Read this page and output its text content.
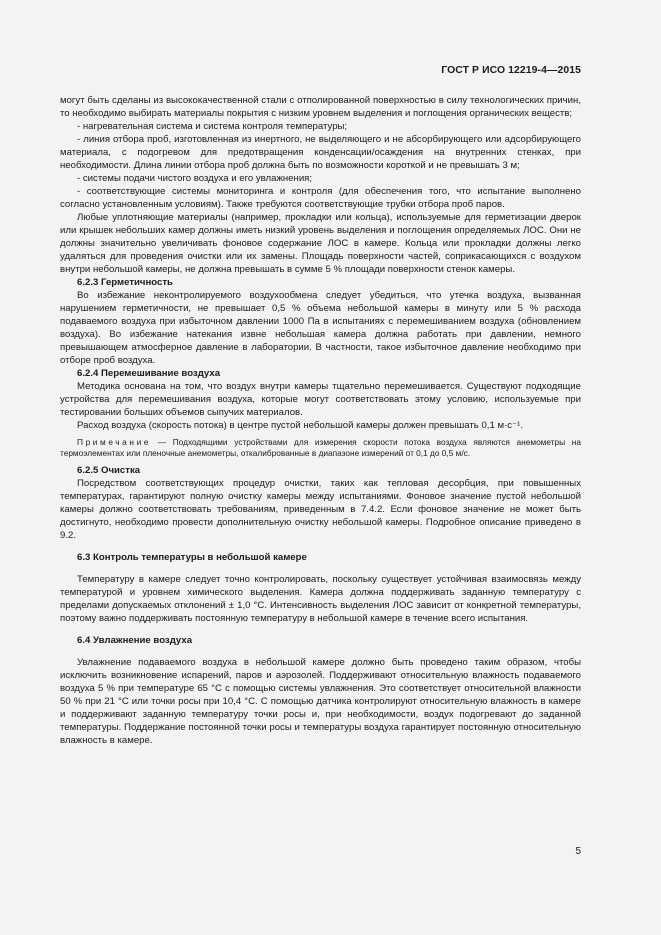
ГОСТ Р ИСО 12219-4—2015

могут быть сделаны из высококачественной стали с отполированной поверхностью в силу технологических причин, то необходимо выбирать материалы покрытия с низким уровнем выделения и поглощения органических веществ;

- нагревательная система и система контроля температуры;

- линия отбора проб, изготовленная из инертного, не выделяющего и не абсорбирующего или адсорбирующего материала, с подогревом для предотвращения конденсации/осаждения на внутренних стенках, при необходимости. Длина линии отбора проб должна быть по возможности короткой и не превышать 3 м;

- системы подачи чистого воздуха и его увлажнения;

- соответствующие системы мониторинга и контроля (для обеспечения того, что испытание выполнено согласно установленным условиям). Также требуются соответствующие трубки отбора проб паров.

Любые уплотняющие материалы (например, прокладки или кольца), используемые для герметизации дверок или крышек небольших камер должны иметь низкий уровень выделения и поглощения определяемых ЛОС. Они не должны значительно увеличивать фоновое содержание ЛОС в камере. Кольца или прокладки должны легко удаляться для проведения очистки или их замены. Площадь поверхности частей, соприкасающихся с воздухом внутри небольшой камеры, не должна превышать в сумме 5 % площади поверхности стенок камеры.

6.2.3 Герметичность

Во избежание неконтролируемого воздухообмена следует убедиться, что утечка воздуха, вызванная нарушением герметичности, не превышает 0,5 % объема небольшой камеры в минуту или 5 % расхода подаваемого воздуха при избыточном давлении 1000 Па в испытаниях с перемешиванием воздуха (обновлением воздуха). Во избежание натекания извне небольшая камера должна работать при давлении, немного превышающем атмосферное давление в лаборатории. В частности, такое избыточное давление необходимо при отборе проб воздуха.

6.2.4 Перемешивание воздуха

Методика основана на том, что воздух внутри камеры тщательно перемешивается. Существуют подходящие устройства для перемешивания воздуха, которые могут соответствовать этому условию, используемые при тестировании больших объемов сыпучих материалов.

Расход воздуха (скорость потока) в центре пустой небольшой камеры должен превышать 0,1 м·с⁻¹.

Примечание — Подходящими устройствами для измерения скорости потока воздуха являются анемометры на термоэлементах или пленочные анемометры, откалиброванные в диапазоне измерений от 0,1 до 0,5 м/с.

6.2.5 Очистка

Посредством соответствующих процедур очистки, таких как тепловая десорбция, при повышенных температурах, гарантируют полную очистку камеры между испытаниями. Фоновое значение пустой небольшой камеры должно соответствовать требованиям, приведенным в 7.4.2. Если фоновое значение не может быть достигнуто, необходимо провести дополнительную очистку небольшой камеры. Подробное описание приведено в 9.2.

6.3 Контроль температуры в небольшой камере

Температуру в камере следует точно контролировать, поскольку существует устойчивая взаимосвязь между температурой и уровнем химического выделения. Камера должна поддерживать заданную температуру с пределами допускаемых отклонений ± 1,0 °С. Интенсивность выделения ЛОС зависит от конкретной температуры, поэтому важно поддерживать постоянную температуру в небольшой камере в течение всего испытания.

6.4 Увлажнение воздуха

Увлажнение подаваемого воздуха в небольшой камере должно быть проведено таким образом, чтобы исключить возникновение испарений, паров и аэрозолей. Поддерживают относительную влажность подаваемого воздуха 5 % при температуре 65 °С с помощью системы увлажнения. Это соответствует относительной влажности 50 % при 21 °С или точки росы при 10,4 °С. С помощью датчика контролируют относительную влажность в камере и поддерживают заданную температуру точки росы и, при необходимости, воздух подогревают до заданной температуры. Поддержание постоянной точки росы и температуры воздуха гарантирует постоянную относительную влажность в камере.

5
